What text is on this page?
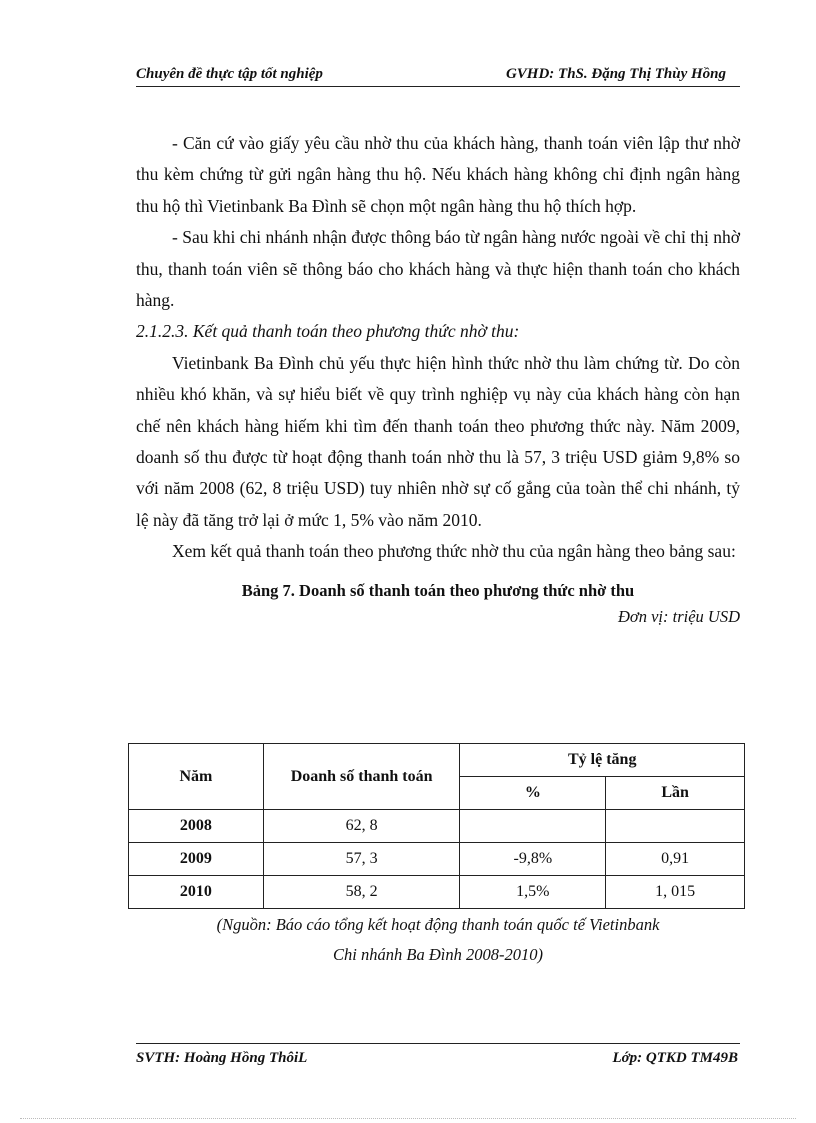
Chuyên đề thực tập tốt nghiệp	GVHD: ThS. Đặng Thị Thùy Hồng

- Căn cứ vào giấy yêu cầu nhờ thu của khách hàng, thanh toán viên lập thư nhờ thu kèm chứng từ gửi ngân hàng thu hộ. Nếu khách hàng không chỉ định ngân hàng thu hộ thì Vietinbank Ba Đình sẽ chọn một ngân hàng thu hộ thích hợp.

- Sau khi chi nhánh nhận được thông báo từ ngân hàng nước ngoài về chỉ thị nhờ thu, thanh toán viên sẽ thông báo cho khách hàng và thực hiện thanh toán cho khách hàng.

2.1.2.3. Kết quả thanh toán theo phương thức nhờ thu:

Vietinbank Ba Đình chủ yếu thực hiện hình thức nhờ thu làm chứng từ. Do còn nhiều khó khăn, và sự hiểu biết về quy trình nghiệp vụ này của khách hàng còn hạn chế nên khách hàng hiếm khi tìm đến thanh toán theo phương thức này. Năm 2009, doanh số thu được từ hoạt động thanh toán nhờ thu là 57, 3 triệu USD giảm 9,8% so với năm 2008 (62, 8 triệu USD) tuy nhiên nhờ sự cố gắng của toàn thể chi nhánh, tỷ lệ này đã tăng trở lại ở mức 1, 5% vào năm 2010.

Xem kết quả thanh toán theo phương thức nhờ thu của ngân hàng theo bảng sau:

Bảng 7. Doanh số thanh toán theo phương thức nhờ thu
Đơn vị: triệu USD
Năm	Doanh số thanh toán	Tỷ lệ tăng	
		%	Lần
2008	62, 8		
2009	57, 3	-9,8%	0,91
2010	58, 2	1,5%	1, 015
(Nguồn: Báo cáo tổng kết hoạt động thanh toán quốc tế Vietinbank
Chi nhánh Ba Đình 2008-2010)
SVTH: Hoàng Hồng ThôiL	Lớp: QTKD TM49B
